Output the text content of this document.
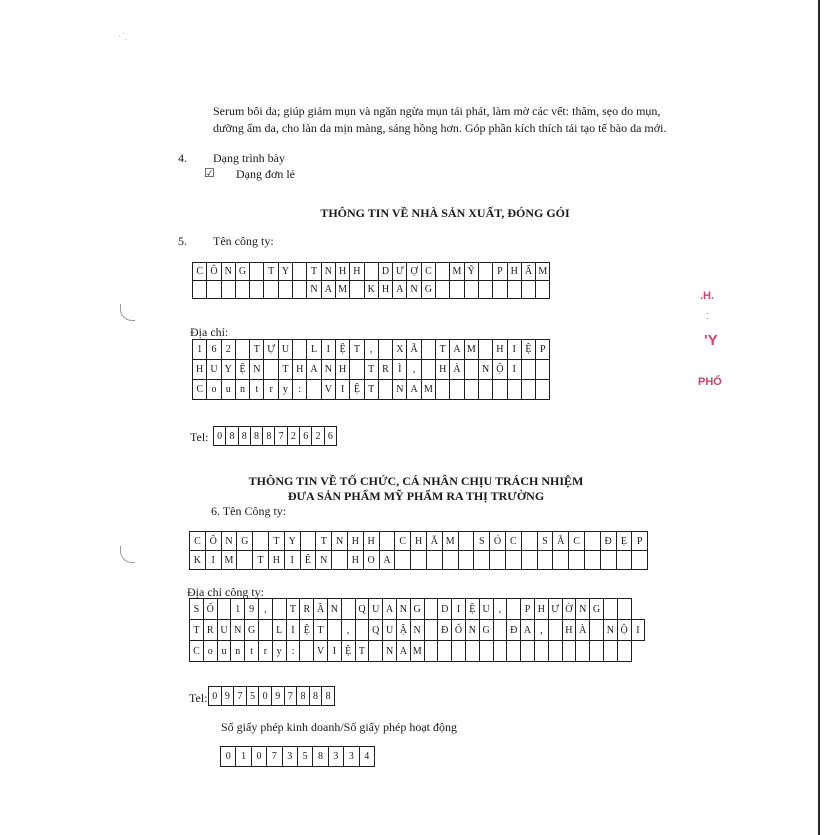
·˙.
Serum bôi da; giúp giảm mụn và ngăn ngừa mụn tái phát, làm mờ các vết: thâm, sẹo do mụn, dưỡng ẩm da, cho làn da mịn màng, sáng hồng hơn. Góp phần kích thích tái tạo tế bào da mới.
4. Dạng trình bày
☑ Dạng đơn lẻ
THÔNG TIN VỀ NHÀ SẢN XUẤT, ĐÓNG GÓI
5. Tên công ty:
C	Ô	N	G		T	Y		T	N	H	H		D	Ư	Ợ	C		M	Ỹ		P	H	Ẩ	M
								N	A	M		K	H	A	N	G								
Địa chỉ:
1	6	2		T	Ự	U		L	I	Ệ	T	,		X	Ã		T	A	M		H	I	Ệ	P
H	U	Y	Ệ	N		T	H	A	N	H		T	R	Ì	,		H	À		N	Ộ	I		
C	o	u	n	t	r	y	:		V	I	Ệ	T		N	A	M								
Tel: 0	8	8	8	8	7	2	6	2	6
THÔNG TIN VỀ TỔ CHỨC, CÁ NHÂN CHỊU TRÁCH NHIỆM
ĐƯA SẢN PHẨM MỸ PHẨM RA THỊ TRƯỜNG
6. Tên Công ty:
C	Ô	N	G		T	Y		T	N	H	H		C	H	Ă	M		S	Ó	C		S	Ắ	C		Đ	Ẹ	P
K	I	M		T	H	I	Ê	N		H	O	A																
Địa chỉ công ty:
S	Ố		1	9	,		T	R	Ầ	N		Q	U	A	N	G		D	I	Ệ	U	,		P	H	Ư	Ờ	N	G			
T	R	U	N	G		L	I	Ệ	T		,		Q	U	Ậ	N		Đ	Ố	N	G		Đ	A	,		H	À		N	Ộ	I
C	o	u	n	t	r	y	:		V	I	Ệ	T		N	A	M																
Tel: 0	9	7	5	0	9	7	8	8	8
Số giấy phép kinh doanh/Số giấy phép hoạt động
0	1	0	7	3	5	8	3	3	4
.H.
'Y
PHỐ
⁚
